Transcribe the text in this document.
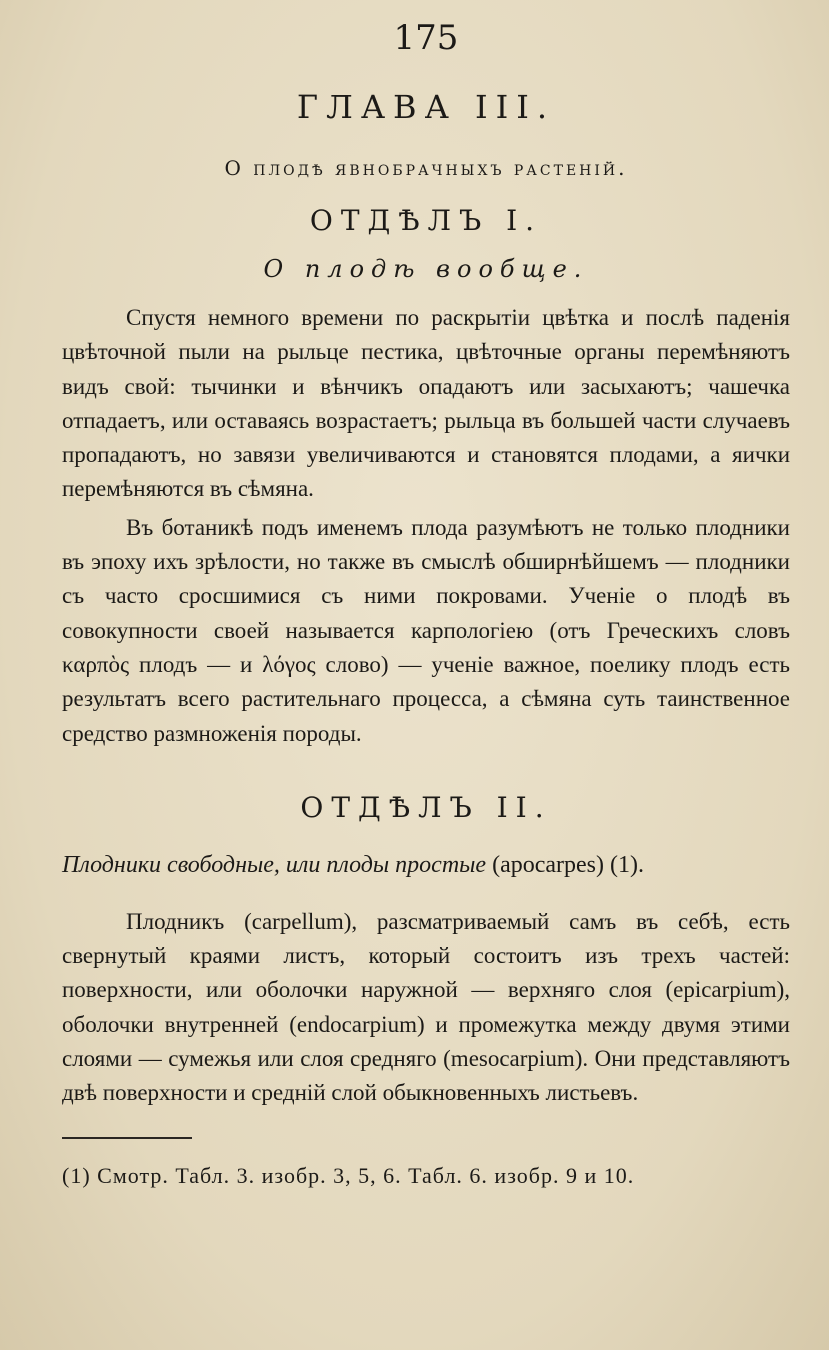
175
ГЛАВА III.
О плодѣ явнобрачныхъ растеній.
ОТДѢЛЪ I.
О плодѣ вообще.

Спустя немного времени по раскрытіи цвѣтка и послѣ паденія цвѣточной пыли на рыльце пестика, цвѣточные органы перемѣняютъ видъ свой: тычинки и вѣнчикъ опадаютъ или засыхаютъ; чашечка отпадаетъ, или оставаясь возрастаетъ; рыльца въ большей части случаевъ пропадаютъ, но завязи увеличиваются и становятся плодами, а яички перемѣняются въ сѣмяна.

Въ ботаникѣ подъ именемъ плода разумѣютъ не только плодники въ эпоху ихъ зрѣлости, но также въ смыслѣ обширнѣйшемъ — плодники съ часто сросшимися съ ними покровами. Ученіе о плодѣ въ совокупности своей называется карпологіею (отъ Греческихъ словъ καρπὸς плодъ — и λόγος слово) — ученіе важное, поелику плодъ есть результатъ всего растительнаго процесса, а сѣмяна суть таинственное средство размноженія породы.

ОТДѢЛЪ II.
Плодники свободные, или плоды простые (apocarpes) (1).

Плодникъ (carpellum), разсматриваемый самъ въ себѣ, есть свернутый краями листъ, который состоитъ изъ трехъ частей: поверхности, или оболочки наружной — верхняго слоя (epicarpium), оболочки внутренней (endocarpium) и промежутка между двумя этими слоями — сумежья или слоя средняго (mesocarpium). Они представляютъ двѣ поверхности и средній слой обыкновенныхъ листьевъ.

(1) Смотр. Табл. 3. изобр. 3, 5, 6. Табл. 6. изобр. 9 и 10.
